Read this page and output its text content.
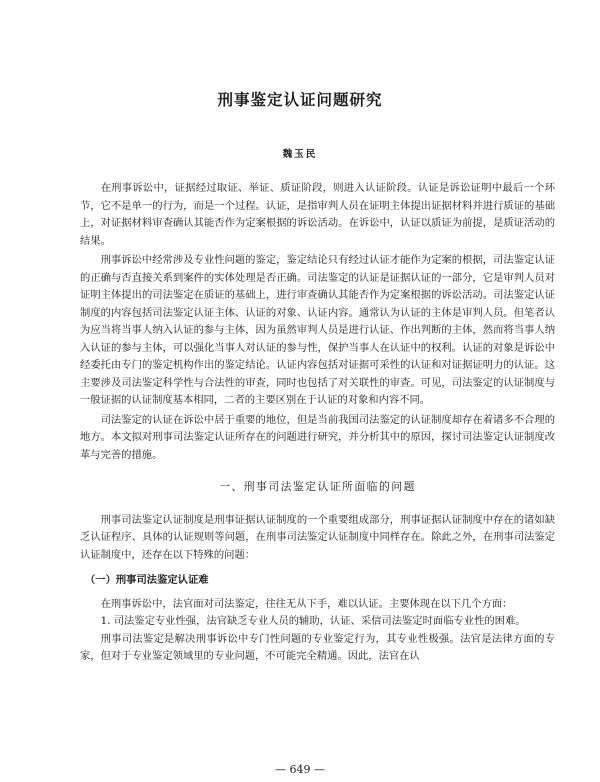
刑事鉴定认证问题研究
魏玉民

在刑事诉讼中，证据经过取证、举证、质证阶段，则进入认证阶段。认证是诉讼证明中最后一个环节，它不是单一的行为，而是一个过程。认证，是指审判人员在证明主体提出证据材料并进行质证的基础上，对证据材料审查确认其能否作为定案根据的诉讼活动。在诉讼中，认证以质证为前提，是质证活动的结果。

刑事诉讼中经常涉及专业性问题的鉴定，鉴定结论只有经过认证才能作为定案的根据，司法鉴定认证的正确与否直接关系到案件的实体处理是否正确。司法鉴定的认证是证据认证的一部分，它是审判人员对证明主体提出的司法鉴定在质证的基础上，进行审查确认其能否作为定案根据的诉讼活动。司法鉴定认证制度的内容包括司法鉴定认证主体、认证的对象、认证内容。通常认为认证的主体是审判人员。但笔者认为应当将当事人纳入认证的参与主体，因为虽然审判人员是进行认证、作出判断的主体，然而将当事人纳入认证的参与主体，可以强化当事人对认证的参与性，保护当事人在认证中的权利。认证的对象是诉讼中经委托由专门的鉴定机构作出的鉴定结论。认证内容包括对证据可采性的认证和对证据证明力的认证。这主要涉及司法鉴定科学性与合法性的审查，同时也包括了对关联性的审查。可见，司法鉴定的认证制度与一般证据的认证制度基本相同，二者的主要区别在于认证的对象和内容不同。

司法鉴定的认证在诉讼中居于重要的地位，但是当前我国司法鉴定的认证制度却存在着诸多不合理的地方。本文拟对刑事司法鉴定认证所存在的问题进行研究，并分析其中的原因，探讨司法鉴定认证制度改革与完善的措施。

一、刑事司法鉴定认证所面临的问题

刑事司法鉴定认证制度是刑事证据认证制度的一个重要组成部分，刑事证据认证制度中存在的诸如缺乏认证程序、具体的认证规则等问题，在刑事司法鉴定认证制度中同样存在。除此之外，在刑事司法鉴定认证制度中，还存在以下特殊的问题：

（一）刑事司法鉴定认证难

在刑事诉讼中，法官面对司法鉴定，往往无从下手，难以认证。主要体现在以下几个方面：

1. 司法鉴定专业性强，法官缺乏专业人员的辅助，认证、采信司法鉴定时面临专业性的困难。

刑事司法鉴定是解决刑事诉讼中专门性问题的专业鉴定行为，其专业性极强。法官是法律方面的专家，但对于专业鉴定领域里的专业问题，不可能完全精通。因此，法官在认

— 649 —
